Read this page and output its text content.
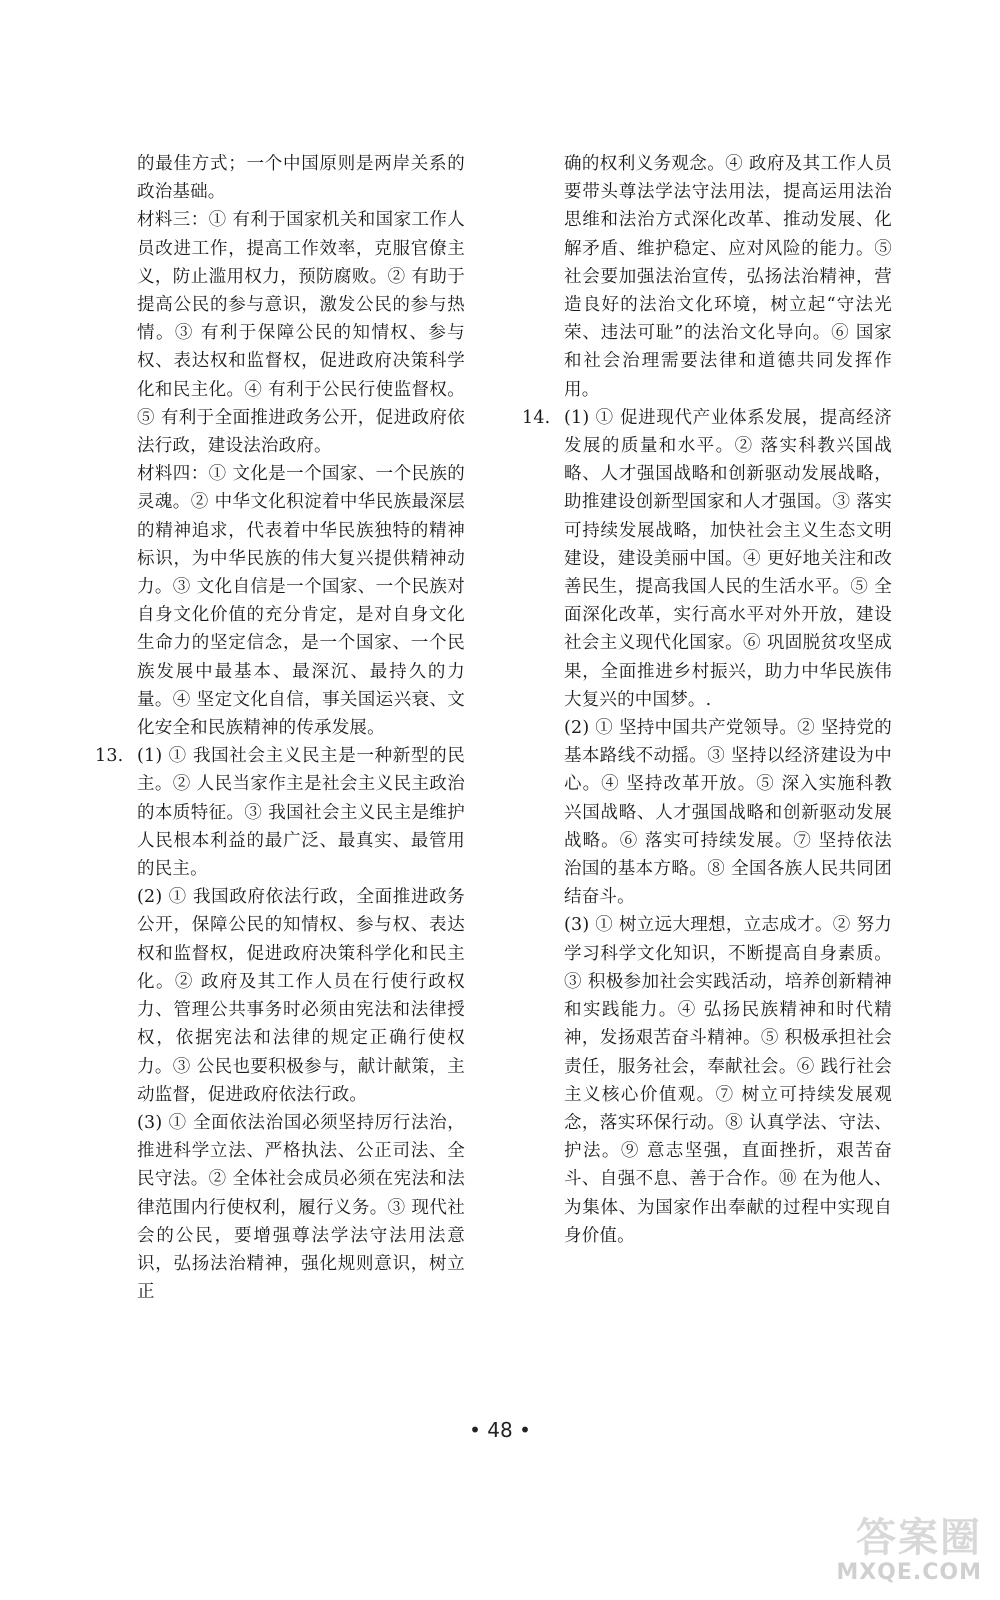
的最佳方式；一个中国原则是两岸关系的政治基础。

材料三：① 有利于国家机关和国家工作人员改进工作，提高工作效率，克服官僚主义，防止滥用权力，预防腐败。② 有助于提高公民的参与意识，激发公民的参与热情。③ 有利于保障公民的知情权、参与权、表达权和监督权，促进政府决策科学化和民主化。④ 有利于公民行使监督权。⑤ 有利于全面推进政务公开，促进政府依法行政，建设法治政府。

材料四：① 文化是一个国家、一个民族的灵魂。② 中华文化积淀着中华民族最深层的精神追求，代表着中华民族独特的精神标识，为中华民族的伟大复兴提供精神动力。③ 文化自信是一个国家、一个民族对自身文化价值的充分肯定，是对自身文化生命力的坚定信念，是一个国家、一个民族发展中最基本、最深沉、最持久的力量。④ 坚定文化自信，事关国运兴衰、文化安全和民族精神的传承发展。

13. (1) ① 我国社会主义民主是一种新型的民主。② 人民当家作主是社会主义民主政治的本质特征。③ 我国社会主义民主是维护人民根本利益的最广泛、最真实、最管用的民主。

(2) ① 我国政府依法行政，全面推进政务公开，保障公民的知情权、参与权、表达权和监督权，促进政府决策科学化和民主化。② 政府及其工作人员在行使行政权力、管理公共事务时必须由宪法和法律授权，依据宪法和法律的规定正确行使权力。③ 公民也要积极参与，献计献策，主动监督，促进政府依法行政。

(3) ① 全面依法治国必须坚持厉行法治，推进科学立法、严格执法、公正司法、全民守法。② 全体社会成员必须在宪法和法律范围内行使权利，履行义务。③ 现代社会的公民，要增强尊法学法守法用法意识，弘扬法治精神，强化规则意识，树立正

确的权利义务观念。④ 政府及其工作人员要带头尊法学法守法用法，提高运用法治思维和法治方式深化改革、推动发展、化解矛盾、维护稳定、应对风险的能力。⑤ 社会要加强法治宣传，弘扬法治精神，营造良好的法治文化环境，树立起“守法光荣、违法可耻”的法治文化导向。⑥ 国家和社会治理需要法律和道德共同发挥作用。

14. (1) ① 促进现代产业体系发展，提高经济发展的质量和水平。② 落实科教兴国战略、人才强国战略和创新驱动发展战略，助推建设创新型国家和人才强国。③ 落实可持续发展战略，加快社会主义生态文明建设，建设美丽中国。④ 更好地关注和改善民生，提高我国人民的生活水平。⑤ 全面深化改革，实行高水平对外开放，建设社会主义现代化国家。⑥ 巩固脱贫攻坚成果，全面推进乡村振兴，助力中华民族伟大复兴的中国梦。.

(2) ① 坚持中国共产党领导。② 坚持党的基本路线不动摇。③ 坚持以经济建设为中心。④ 坚持改革开放。⑤ 深入实施科教兴国战略、人才强国战略和创新驱动发展战略。⑥ 落实可持续发展。⑦ 坚持依法治国的基本方略。⑧ 全国各族人民共同团结奋斗。

(3) ① 树立远大理想，立志成才。② 努力学习科学文化知识，不断提高自身素质。③ 积极参加社会实践活动，培养创新精神和实践能力。④ 弘扬民族精神和时代精神，发扬艰苦奋斗精神。⑤ 积极承担社会责任，服务社会，奉献社会。⑥ 践行社会主义核心价值观。⑦ 树立可持续发展观念，落实环保行动。⑧ 认真学法、守法、护法。⑨ 意志坚强，直面挫折，艰苦奋斗、自强不息、善于合作。⑩ 在为他人、为集体、为国家作出奉献的过程中实现自身价值。

• 48 •
答案圈
MXQE.COM
